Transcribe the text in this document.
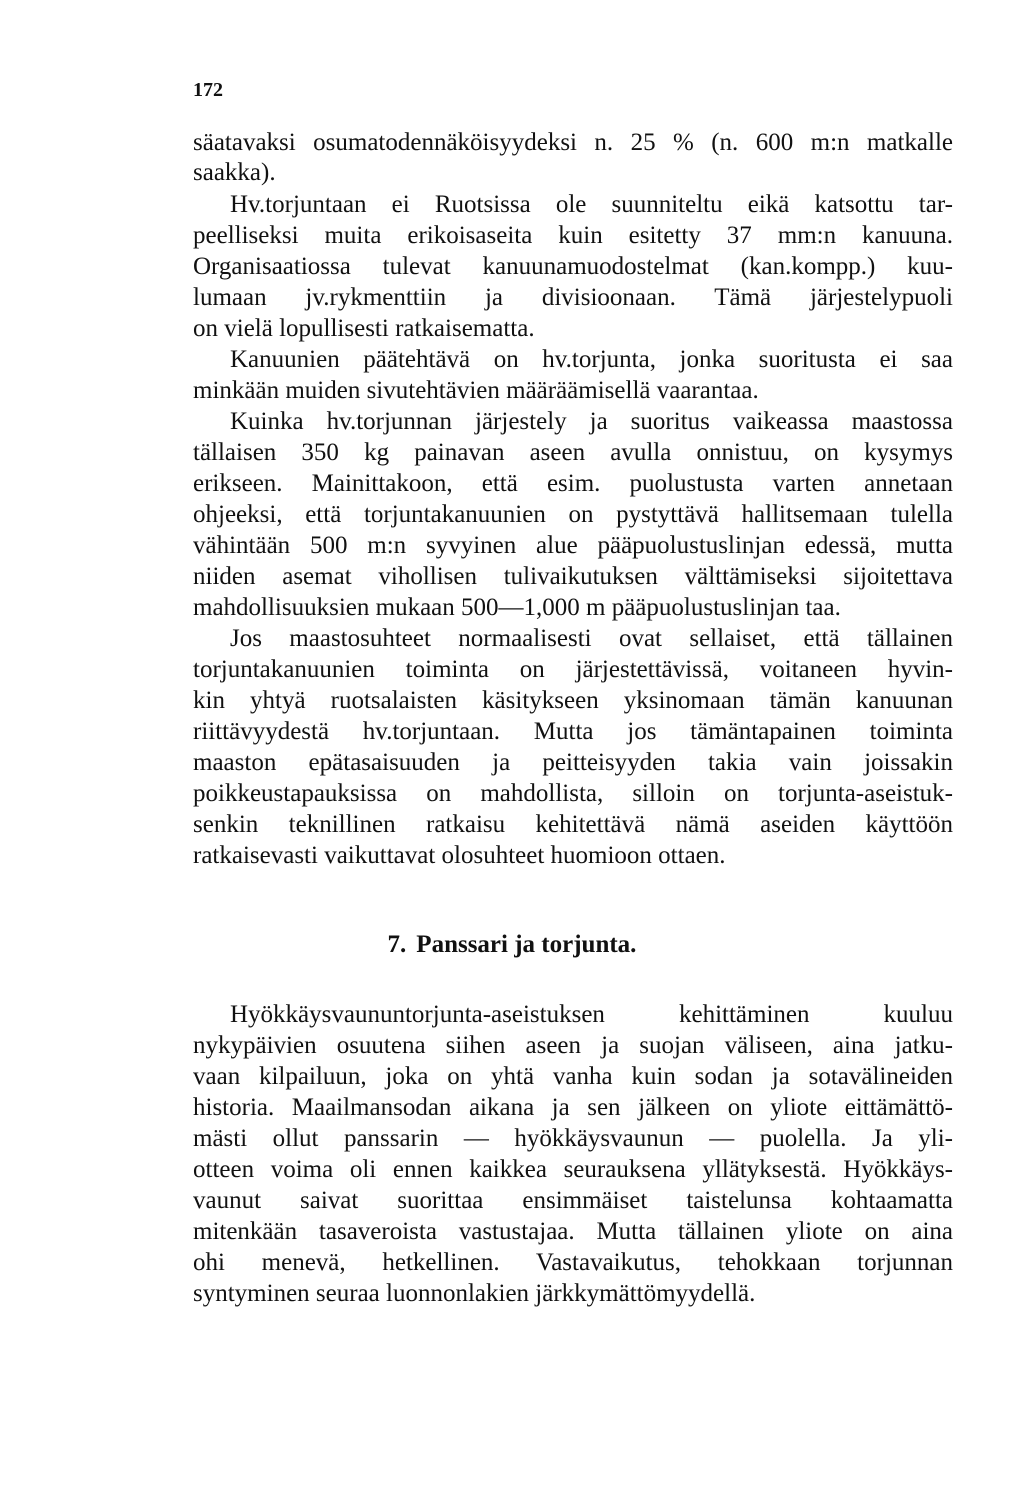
172
säatavaksi osumatodennäköisyydeksi n. 25 % (n. 600 m:n matkalle
saakka).
Hv.torjuntaan ei Ruotsissa ole suunniteltu eikä katsottu tar-
peelliseksi muita erikoisaseita kuin esitetty 37 mm:n kanuuna.
Organisaatiossa tulevat kanuunamuodostelmat (kan.kompp.) kuu-
lumaan jv.rykmenttiin ja divisioonaan. Tämä järjestelypuoli
on vielä lopullisesti ratkaisematta.
Kanuunien päätehtävä on hv.torjunta, jonka suoritusta ei saa
minkään muiden sivutehtävien määräämisellä vaarantaa.
Kuinka hv.torjunnan järjestely ja suoritus vaikeassa maastossa
tällaisen 350 kg painavan aseen avulla onnistuu, on kysymys
erikseen. Mainittakoon, että esim. puolustusta varten annetaan
ohjeeksi, että torjuntakanuunien on pystyttävä hallitsemaan tulella
vähintään 500 m:n syvyinen alue pääpuolustuslinjan edessä, mutta
niiden asemat vihollisen tulivaikutuksen välttämiseksi sijoitettava
mahdollisuuksien mukaan 500—1,000 m pääpuolustuslinjan taa.
Jos maastosuhteet normaalisesti ovat sellaiset, että tällainen
torjuntakanuunien toiminta on järjestettävissä, voitaneen hyvin-
kin yhtyä ruotsalaisten käsitykseen yksinomaan tämän kanuunan
riittävyydestä hv.torjuntaan. Mutta jos tämäntapainen toiminta
maaston epätasaisuuden ja peitteisyyden takia vain joissakin
poikkeustapauksissa on mahdollista, silloin on torjunta-aseistuk-
senkin teknillinen ratkaisu kehitettävä nämä aseiden käyttöön
ratkaisevasti vaikuttavat olosuhteet huomioon ottaen.
7. Panssari ja torjunta.
Hyökkäysvaununtorjunta-aseistuksen kehittäminen kuuluu
nykypäivien osuutena siihen aseen ja suojan väliseen, aina jatku-
vaan kilpailuun, joka on yhtä vanha kuin sodan ja sotavälineiden
historia. Maailmansodan aikana ja sen jälkeen on yliote eittämättö-
mästi ollut panssarin — hyökkäysvaunun — puolella. Ja yli-
otteen voima oli ennen kaikkea seurauksena yllätyksestä. Hyökkäys-
vaunut saivat suorittaa ensimmäiset taistelunsa kohtaamatta
mitenkään tasaveroista vastustajaa. Mutta tällainen yliote on aina
ohi menevä, hetkellinen. Vastavaikutus, tehokkaan torjunnan
syntyminen seuraa luonnonlakien järkkymättömyydellä.
